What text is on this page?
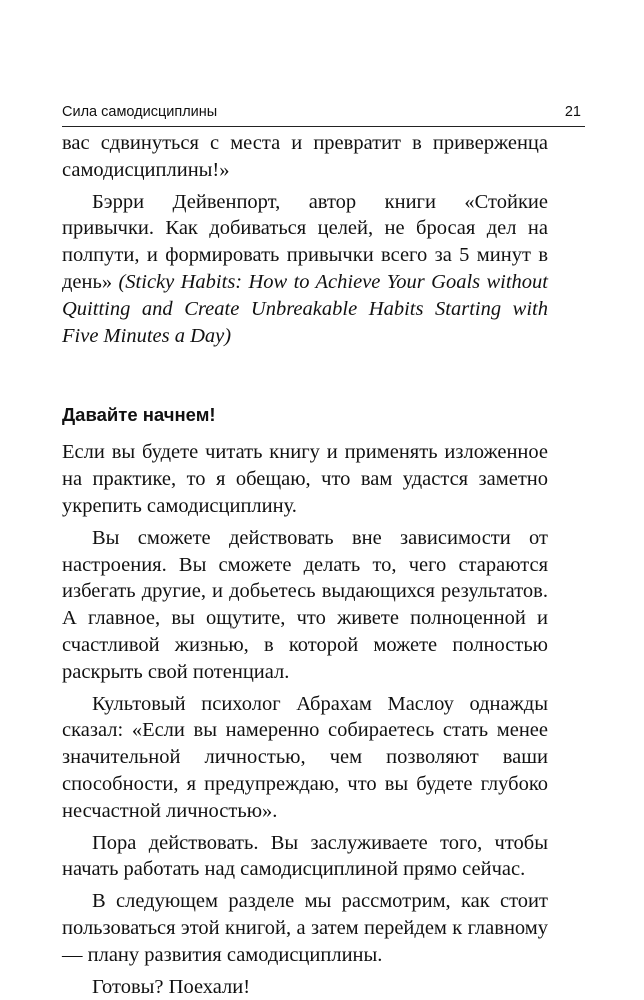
Сила самодисциплины	21

вас сдвинуться с места и превратит в приверженца самодисциплины!»

Бэрри Дейвенпорт, автор книги «Стойкие привычки. Как добиваться целей, не бросая дел на полпути, и формировать привычки всего за 5 минут в день» (Sticky Habits: How to Achieve Your Goals without Quitting and Create Unbreakable Habits Starting with Five Minutes a Day)

Давайте начнем!

Если вы будете читать книгу и применять изложенное на практике, то я обещаю, что вам удастся заметно укрепить самодисциплину.

Вы сможете действовать вне зависимости от настроения. Вы сможете делать то, чего стараются избегать другие, и добьетесь выдающихся результатов. А главное, вы ощутите, что живете полноценной и счастливой жизнью, в которой можете полностью раскрыть свой потенциал.

Культовый психолог Абрахам Маслоу однажды сказал: «Если вы намеренно собираетесь стать менее значительной личностью, чем позволяют ваши способности, я предупреждаю, что вы будете глубоко несчастной личностью».

Пора действовать. Вы заслуживаете того, чтобы начать работать над самодисциплиной прямо сейчас.

В следующем разделе мы рассмотрим, как стоит пользоваться этой книгой, а затем перейдем к главному — плану развития самодисциплины.

Готовы? Поехали!
